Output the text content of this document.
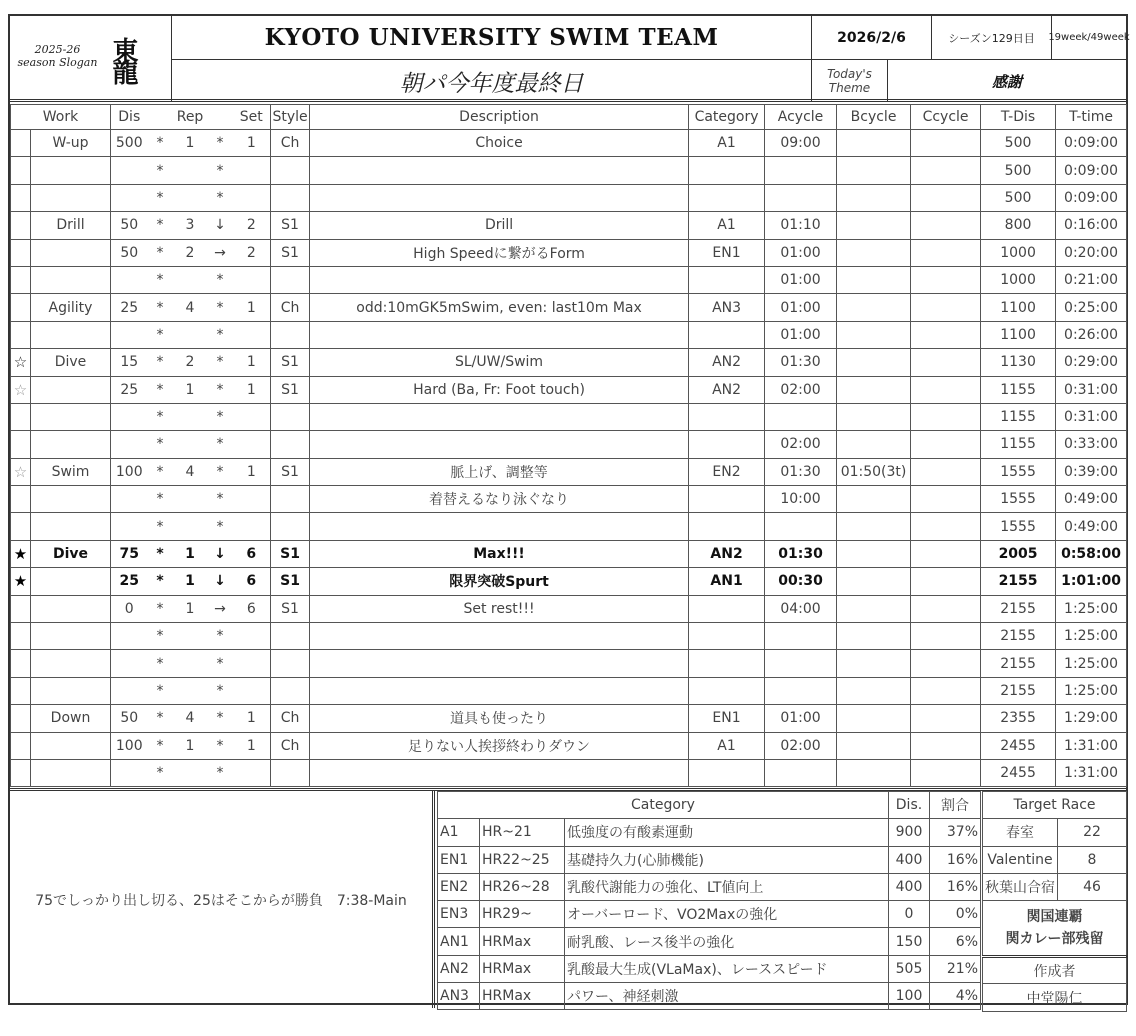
2025-26
season Slogan 東龍	KYOTO UNIVERSITY SWIM TEAM	2026/2/6	シーズン129日目	19week/49week
朝パ今年度最終日	Today's
Theme	感謝
Work		Dis	Rep			Set	Style	Description	Category	Acycle	Bcycle	Ccycle	T-Dis	T-time
	W-up	500	*	1	*	1	Ch	Choice	A1	09:00			500	0:09:00
			*		*								500	0:09:00
			*		*								500	0:09:00
	Drill	50	*	3	↓	2	S1	Drill	A1	01:10			800	0:16:00
		50	*	2	→	2	S1	High Speedに繋がるForm	EN1	01:00			1000	0:20:00
			*		*					01:00			1000	0:21:00
	Agility	25	*	4	*	1	Ch	odd:10mGK5mSwim, even: last10m Max	AN3	01:00			1100	0:25:00
			*		*					01:00			1100	0:26:00
☆	Dive	15	*	2	*	1	S1	SL/UW/Swim	AN2	01:30			1130	0:29:00
☆		25	*	1	*	1	S1	Hard (Ba, Fr: Foot touch)	AN2	02:00			1155	0:31:00
			*		*								1155	0:31:00
			*		*					02:00			1155	0:33:00
☆	Swim	100	*	4	*	1	S1	脈上げ、調整等	EN2	01:30	01:50(3t)		1555	0:39:00
			*		*			着替えるなり泳ぐなり		10:00			1555	0:49:00
			*		*								1555	0:49:00
★	Dive	75	*	1	↓	6	S1	Max!!!	AN2	01:30			2005	0:58:00
★		25	*	1	↓	6	S1	限界突破Spurt	AN1	00:30			2155	1:01:00
		0	*	1	→	6	S1	Set rest!!!		04:00			2155	1:25:00
			*		*								2155	1:25:00
			*		*								2155	1:25:00
			*		*								2155	1:25:00
	Down	50	*	4	*	1	Ch	道具も使ったり	EN1	01:00			2355	1:29:00
		100	*	1	*	1	Ch	足りない人挨拶終わりダウン	A1	02:00			2455	1:31:00
			*		*								2455	1:31:00
75でしっかり出し切る、25はそこからが勝負　7:38-Main
Category			Dis.	割合
A1	HR~21	低強度の有酸素運動	900	37%
EN1	HR22~25	基礎持久力(心肺機能)	400	16%
EN2	HR26~28	乳酸代謝能力の強化、LT値向上	400	16%
EN3	HR29~	オーバーロード、VO2Maxの強化	0	0%
AN1	HRMax	耐乳酸、レース後半の強化	150	6%
AN2	HRMax	乳酸最大生成(VLaMax)、レーススピード	505	21%
AN3	HRMax	パワー、神経刺激	100	4%
Target Race	
春室	22
Valentine	8
秋葉山合宿	46

関国連覇
関カレー部残留	

作成者	
中堂陽仁	
